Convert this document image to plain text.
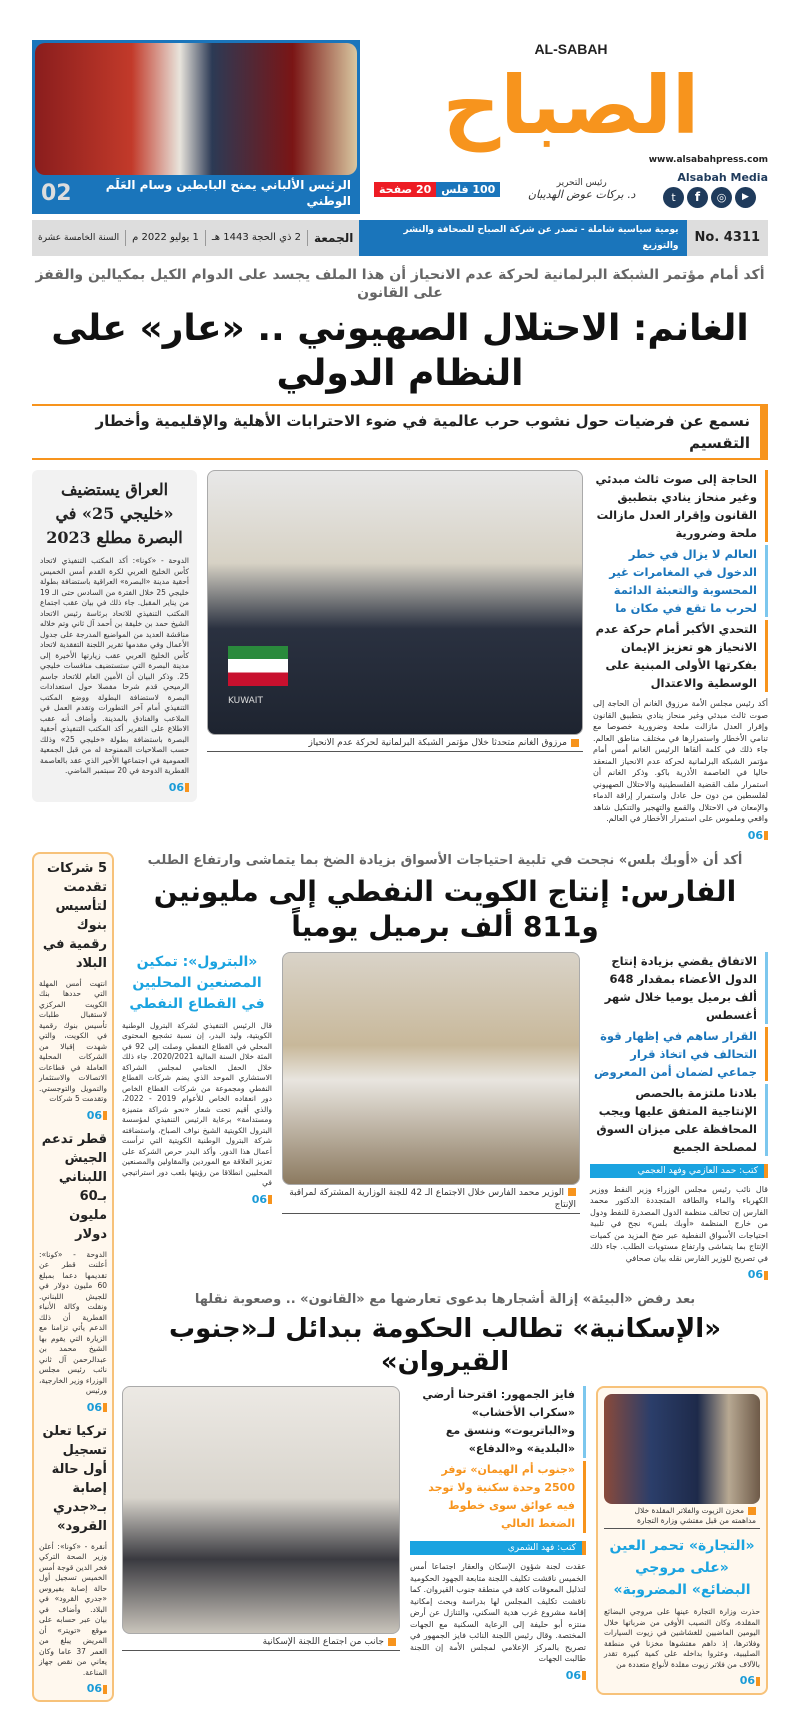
AL-SABAH
الصباح
www.alsabahpress.com
Alsabah Media
t	f	◎	▶
رئيس التحرير
د. بركات عوض الهديبان
100 فلس
20 صفحة
الرئيس الألباني يمنح البابطين وسام العَلَم الوطني
02
No. 4311
يومية سياسية شاملة - تصدر عن شركة الصباح للصحافة والنشر والتوزيع
الجمعة
2 ذي الحجة 1443 هـ
1 يوليو 2022 م
السنة الخامسة عشرة
أكد أمام مؤتمر الشبكة البرلمانية لحركة عدم الانحياز أن هذا الملف يجسد على الدوام الكيل بمكيالين والقفز على القانون
الغانم: الاحتلال الصهيوني .. «عار» على النظام الدولي
نسمع عن فرضيات حول نشوب حرب عالمية في ضوء الاحترابات الأهلية والإقليمية وأخطار التقسيم
الحاجة إلى صوت ثالث مبدئي وغير منحاز ينادي بتطبيق القانون وإقرار العدل مازالت ملحة وضرورية
العالم لا يزال في خطر الدخول في المغامرات غير المحسوبة والتعبئة الدائمة لحرب ما تقع في مكان ما
التحدي الأكبر أمام حركة عدم الانحياز هو تعزيز الإيمان بفكرتها الأولى المبنية على الوسطية والاعتدال
أكد رئيس مجلس الأمة مرزوق الغانم أن الحاجة إلى صوت ثالث مبدئي وغير منحاز ينادي بتطبيق القانون وإقرار العدل مازالت ملحة وضرورية خصوصا مع تنامي الأخطار واستمرارها في مختلف مناطق العالم. جاء ذلك في كلمة ألقاها الرئيس الغانم أمس أمام مؤتمر الشبكة البرلمانية لحركة عدم الانحياز المنعقد حاليا في العاصمة الأذرية باكو. وذكر الغانم أن استمرار ملف القضية الفلسطينية والاحتلال الصهيوني لفلسطين من دون حل عادل واستمرار إراقة الدماء والإمعان في الاحتلال والقمع والتهجير والتنكيل شاهد واقعي وملموس على استمرار الأخطار في العالم.
06
KUWAIT
مرزوق الغانم متحدثا خلال مؤتمر الشبكة البرلمانية لحركة عدم الانحياز
العراق يستضيف «خليجي 25» في البصرة مطلع 2023
الدوحة - «كونا»: أكد المكتب التنفيذي لاتحاد كأس الخليج العربي لكرة القدم أمس الخميس أحقية مدينة «البصرة» العراقية باستضافة بطولة خليجي 25 خلال الفترة من السادس حتى الـ 19 من يناير المقبل. جاء ذلك في بيان عقب اجتماع المكتب التنفيذي للاتحاد برئاسة رئيس الاتحاد الشيخ حمد بن خليفة بن أحمد آل ثاني وتم خلاله مناقشة العديد من المواضيع المدرجة على جدول الأعمال وفي مقدمها تقرير اللجنة التفقدية لاتحاد كأس الخليج العربي عقب زيارتها الأخيرة إلى مدينة البصرة التي ستستضيف منافسات خليجي 25. وذكر البيان أن الأمين العام للاتحاد جاسم الرميحي قدم شرحا مفصلا حول استعدادات البصرة لاستضافة البطولة ووضع المكتب التنفيذي أمام آخر التطورات وتقدم العمل في الملاعب والفنادق بالمدينة. وأضاف أنه عقب الاطلاع على التقرير أكد المكتب التنفيذي أحقية البصرة باستضافة بطولة «خليجي 25» وذلك حسب الصلاحيات الممنوحة له من قبل الجمعية العمومية في اجتماعها الأخير الذي عقد بالعاصمة القطرية الدوحة في 20 سبتمبر الماضي.
06
أكد أن «أوبك بلس» نجحت في تلبية احتياجات الأسواق بزيادة الضخ بما يتماشى وارتفاع الطلب
الفارس: إنتاج الكويت النفطي إلى مليونين و811 ألف برميل يومياً
الاتفاق يقضي بزيادة إنتاج الدول الأعضاء بمقدار 648 ألف برميل يوميا خلال شهر أغسطس
القرار ساهم في إظهار قوة التحالف في اتخاذ قرار جماعي لضمان أمن المعروض
بلادنا ملتزمة بالحصص الإنتاجية المتفق عليها ويجب المحافظة على ميزان السوق لمصلحة الجميع
كتب: حمد العازمي وفهد العجمي
قال نائب رئيس مجلس الوزراء وزير النفط ووزير الكهرباء والماء والطاقة المتجددة الدكتور محمد الفارس إن تحالف منظمة الدول المصدرة للنفط ودول من خارج المنظمة «أوبك بلس» نجح في تلبية احتياجات الأسواق النفطية عبر ضخ المزيد من كميات الإنتاج بما يتماشى وارتفاع مستويات الطلب. جاء ذلك في تصريح للوزير الفارس نقله بيان صحافي
06
الوزير محمد الفارس خلال الاجتماع الـ 42 للجنة الوزارية المشتركة لمراقبة الإنتاج
«البترول»: تمكين المصنعين المحليين في القطاع النفطي
قال الرئيس التنفيذي لشركة البترول الوطنية الكويتية، وليد البدر، إن نسبة تشجيع المحتوى المحلي في القطاع النفطي وصلت إلى 92 في المئة خلال السنة المالية 2020/2021. جاء ذلك خلال الحفل الختامي لمجلس الشراكة الاستشاري الموحد الذي يضم شركات القطاع النفطي ومجموعة من شركات القطاع الخاص دور انعقاده الخاص للأعوام 2019 - 2022، والذي أقيم تحت شعار «نحو شراكة متميزة ومستدامة» برعاية الرئيس التنفيذي لمؤسسة البترول الكويتية الشيخ نواف الصباح، واستضافته شركة البترول الوطنية الكويتية التي ترأست أعمال هذا الدور. وأكد البدر حرص الشركة على تعزيز العلاقة مع الموردين والمقاولين والمصنعين المحليين انطلاقا من رؤيتها بلعب دور استراتيجي في
06
بعد رفض «البيئة» إزالة أشجارها بدعوى تعارضها مع «القانون» .. وصعوبة نقلها
«الإسكانية» تطالب الحكومة ببدائل لـ«جنوب القيروان»
مخزن الزيوت والفلاتر المقلدة خلال مداهمته من قبل مفتشي وزارة التجارة
«التجارة» تحمر العين «على مروجي البضائع» المضروبة»
حذرت وزارة التجارة عينها على مروجي البضائع المقلدة، وكان النصيب الأوفى من ضرباتها خلال اليومين الماضيين للغشاشين في زيوت السيارات وفلاترها، إذ داهم مفتشوها مخزنا في منطقة الصليبية، وعثروا بداخله على كمية كبيرة تقدر بالآلاف من فلاتر زيوت مقلدة لأنواع متعددة من
06
فايز الجمهور: اقترحنا أرضي «سكراب الأخشاب» و«الباتريوت» وننسق مع «البلدية» و«الدفاع»
«جنوب أم الهيمان» توفر 2500 وحدة سكنية ولا توجد فيه عوائق سوى خطوط الضغط العالي
كتب: فهد الشمري
عقدت لجنة شؤون الإسكان والعقار اجتماعا أمس الخميس ناقشت تكليف اللجنة متابعة الجهود الحكومية لتذليل المعوقات كافة في منطقة جنوب القيروان. كما ناقشت تكليف المجلس لها بدراسة وبحث إمكانية إقامة مشروع غرب هدية السكني، والتنازل عن أرض منتزه أبو حليفة إلى الرعاية السكنية مع الجهات المختصة. وقال رئيس اللجنة النائب فايز الجمهور في تصريح بالمركز الإعلامي لمجلس الأمة إن اللجنة طالبت الجهات
06
جانب من اجتماع اللجنة الإسكانية
5 شركات تقدمت لتأسيس بنوك رقمية في البلاد
انتهت أمس المهلة التي حددها بنك الكويت المركزي لاستقبال طلبات تأسيس بنوك رقمية في الكويت، والتي شهدت إقبالا من الشركات المحلية العاملة في قطاعات الاتصالات والاستثمار والتمويل والتوجستي. وتقدمت 5 شركات
06
قطر تدعم الجيش اللبناني بـ60 مليون دولار
الدوحة - «كونا»: أعلنت قطر عن تقديمها دعما بمبلغ 60 مليون دولار في للجيش اللبناني. ونقلت وكالة الأنباء القطرية أن ذلك الدعم يأتي تزامنا مع الزيارة التي يقوم بها الشيخ محمد بن عبدالرحمن آل ثاني نائب رئيس مجلس الوزراء وزير الخارجية، ورئيس
06
تركيا تعلن تسجيل أول حالة إصابة بـ«جدري القرود»
أنقرة - «كونا»: أعلن وزير الصحة التركي فخر الدين قوجة أمس الخميس تسجيل أول حالة إصابة بفيروس «جدري القرود» في البلاد. وأضاف في بيان عبر حسابه على موقع «تويتر» أن المريض يبلغ من العمر 37 عاما وكان يعاني من نقص جهاز المناعة.
06
